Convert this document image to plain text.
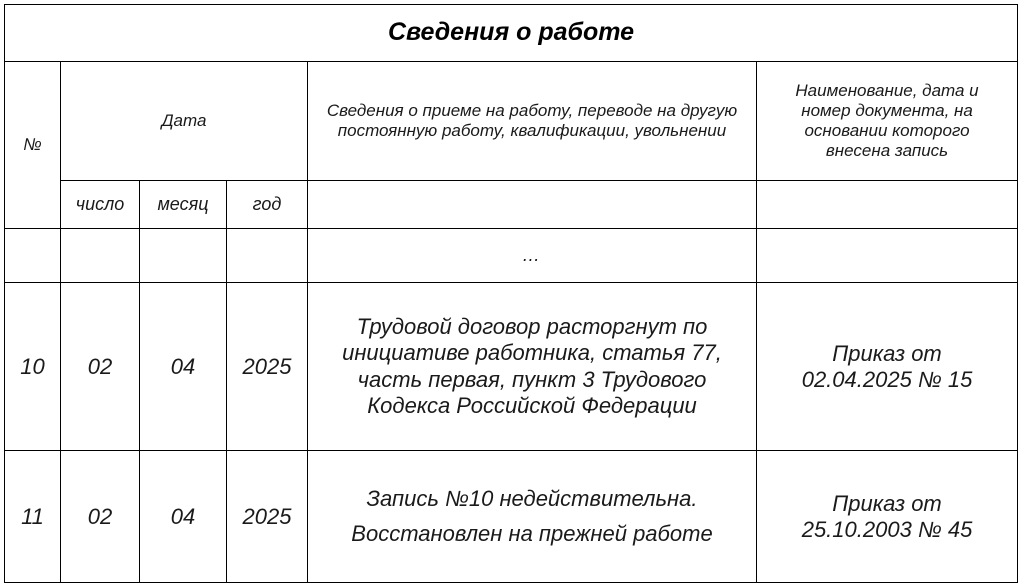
Сведения о работе					
№	Дата			Сведения о приеме на работу, переводе на другую постоянную работу, квалификации, увольнении	Наименование, дата и номер документа, на основании которого внесена запись
	число	месяц	год		
				…	
10	02	04	2025	Трудовой договор расторгнут по инициативе работника, статья 77, часть первая, пункт 3 Трудового Кодекса Российской Федерации	Приказ от 02.04.2025 № 15
11	02	04	2025	Запись №10 недействительна. Восстановлен на прежней работе	Приказ от 25.10.2003 № 45
